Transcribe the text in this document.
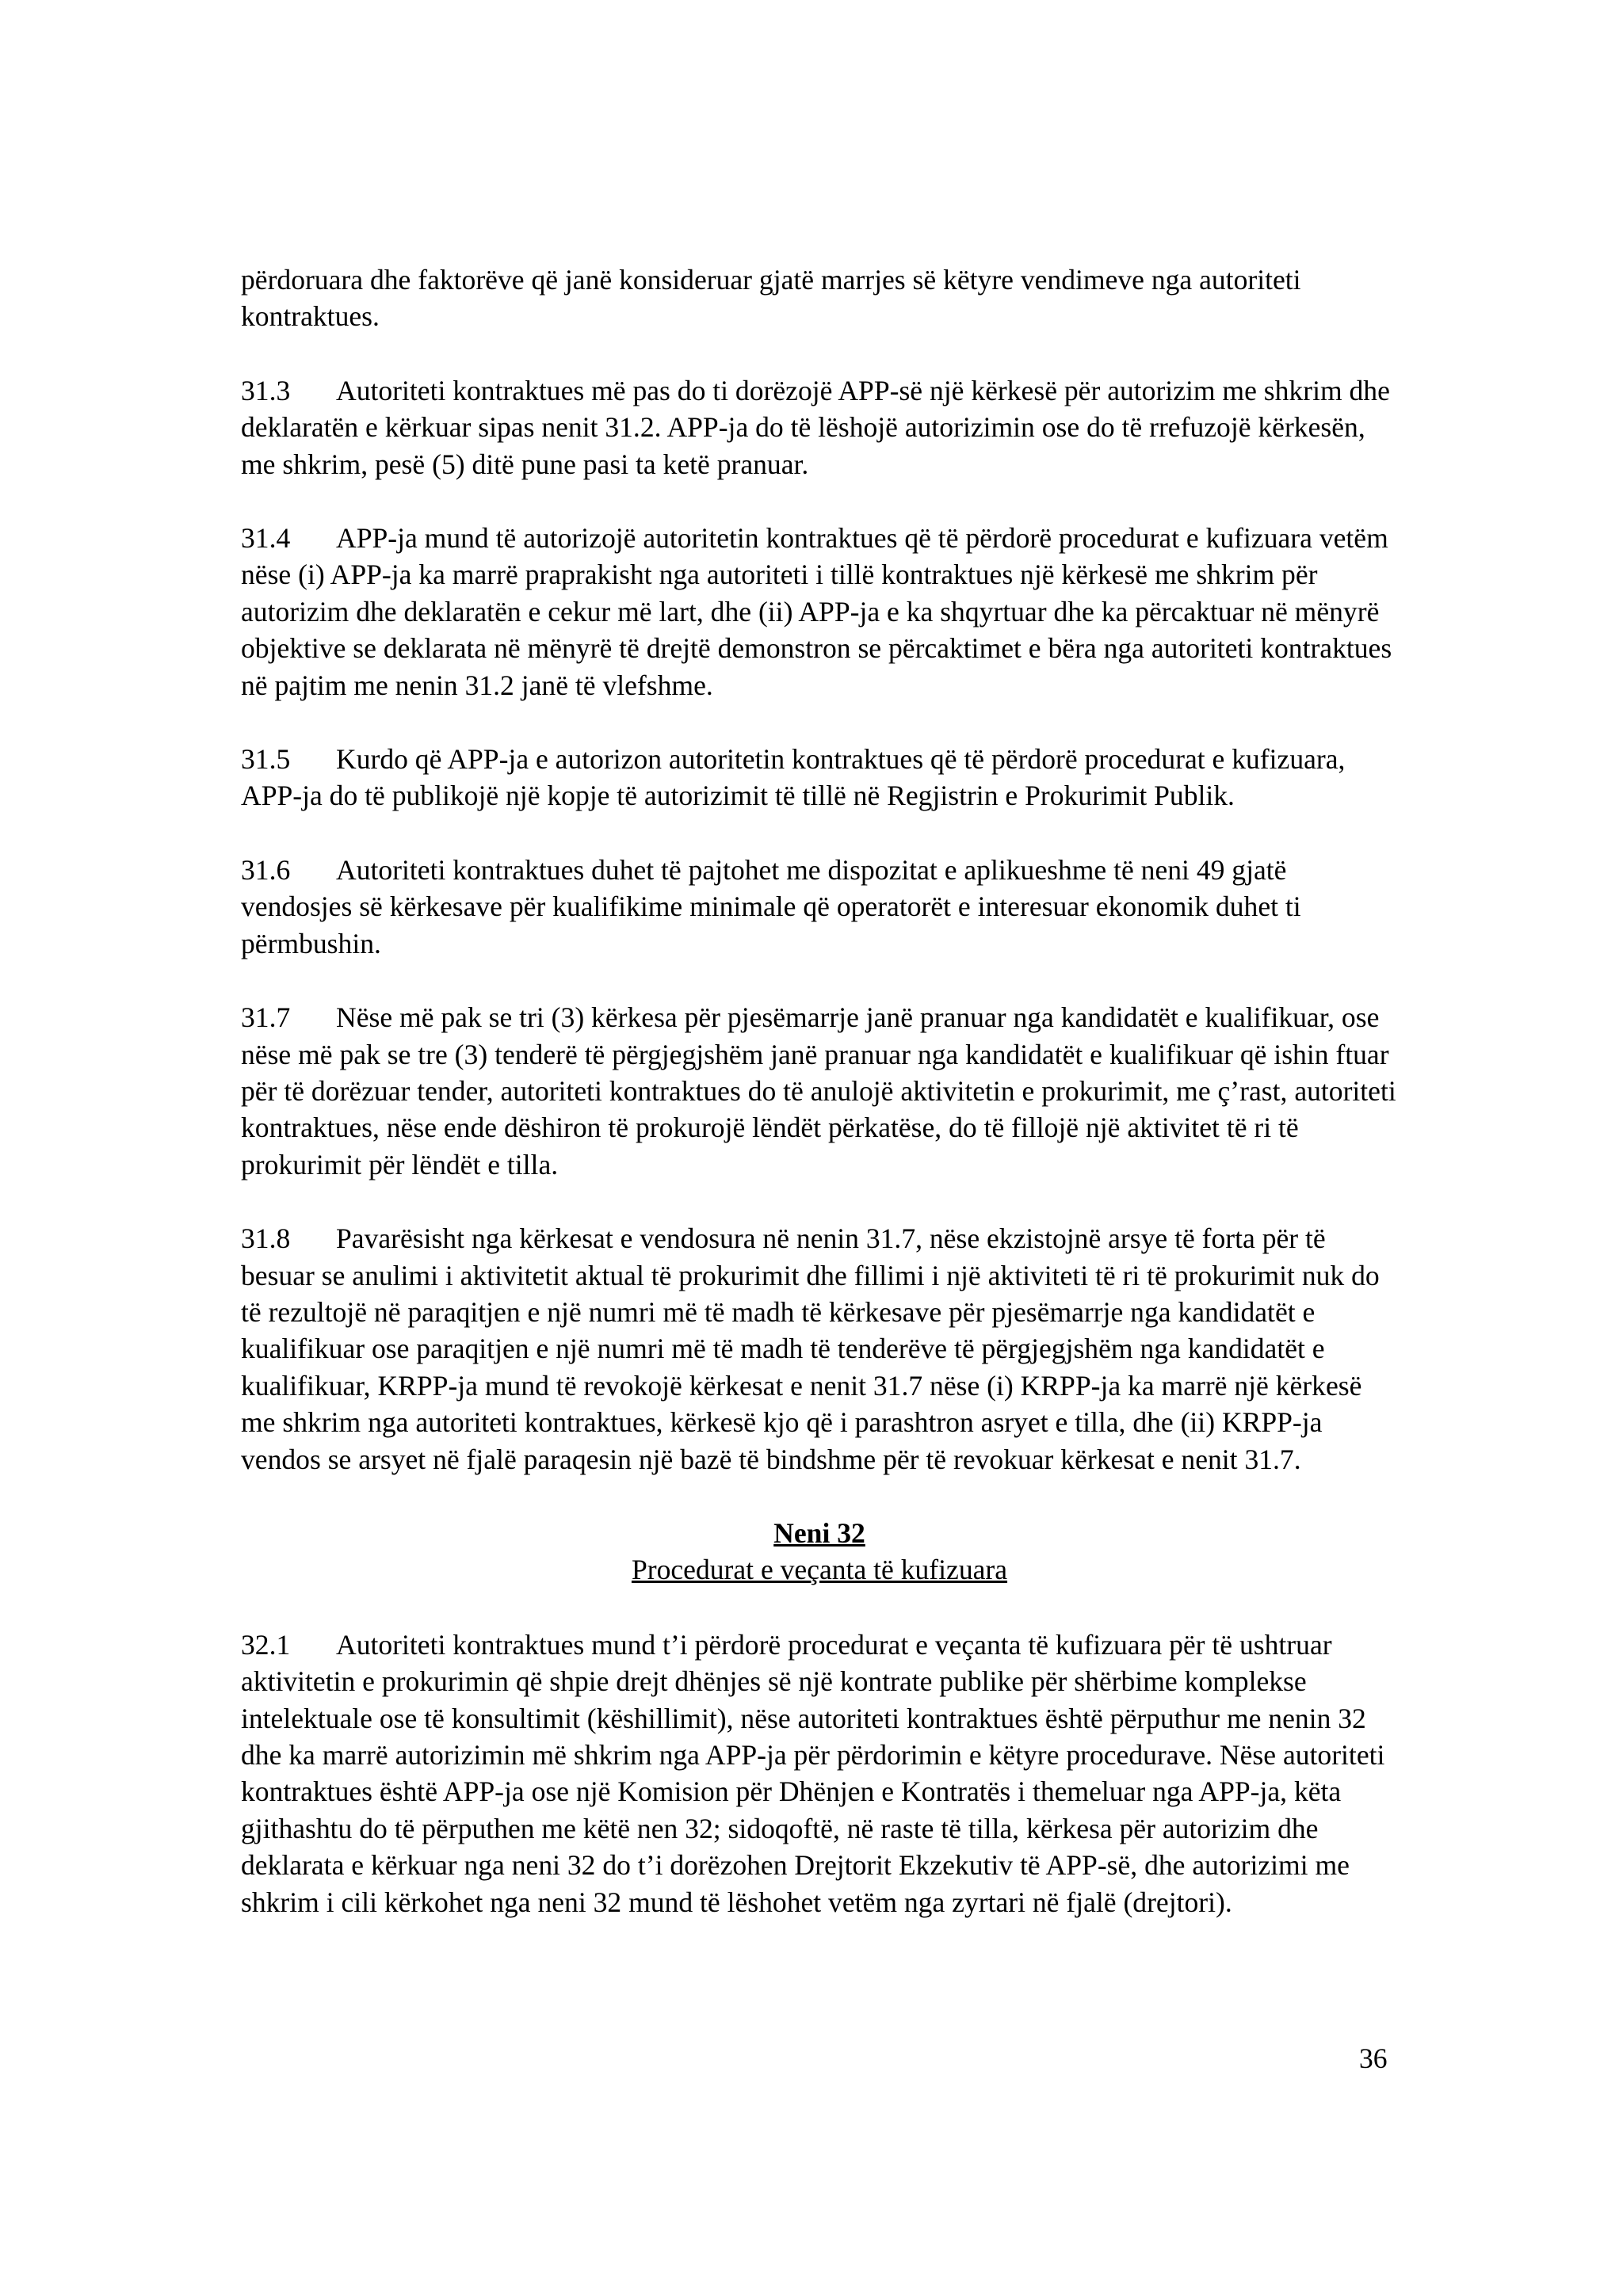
përdoruara dhe faktorëve që janë konsideruar gjatë marrjes së këtyre vendimeve nga autoriteti kontraktues.

31.3 Autoriteti kontraktues më pas do ti dorëzojë APP-së një kërkesë për autorizim me shkrim dhe deklaratën e kërkuar sipas nenit 31.2. APP-ja do të lëshojë autorizimin ose do të rrefuzojë kërkesën, me shkrim, pesë (5) ditë pune pasi ta ketë pranuar.

31.4 APP-ja mund të autorizojë autoritetin kontraktues që të përdorë procedurat e kufizuara vetëm nëse (i) APP-ja ka marrë praprakisht nga autoriteti i tillë kontraktues një kërkesë me shkrim për autorizim dhe deklaratën e cekur më lart, dhe (ii) APP-ja e ka shqyrtuar dhe ka përcaktuar në mënyrë objektive se deklarata në mënyrë të drejtë demonstron se përcaktimet e bëra nga autoriteti kontraktues në pajtim me nenin 31.2 janë të vlefshme.

31.5 Kurdo që APP-ja e autorizon autoritetin kontraktues që të përdorë procedurat e kufizuara, APP-ja do të publikojë një kopje të autorizimit të tillë në Regjistrin e Prokurimit Publik.

31.6 Autoriteti kontraktues duhet të pajtohet me dispozitat e aplikueshme të neni 49 gjatë vendosjes së kërkesave për kualifikime minimale që operatorët e interesuar ekonomik duhet ti përmbushin.

31.7 Nëse më pak se tri (3) kërkesa për pjesëmarrje janë pranuar nga kandidatët e kualifikuar, ose nëse më pak se tre (3) tenderë të përgjegjshëm janë pranuar nga kandidatët e kualifikuar që ishin ftuar për të dorëzuar tender, autoriteti kontraktues do të anulojë aktivitetin e prokurimit, me ç’rast, autoriteti kontraktues, nëse ende dëshiron të prokurojë lëndët përkatëse, do të fillojë një aktivitet të ri të prokurimit për lëndët e tilla.

31.8 Pavarësisht nga kërkesat e vendosura në nenin 31.7, nëse ekzistojnë arsye të forta për të besuar se anulimi i aktivitetit aktual të prokurimit dhe fillimi i një aktiviteti të ri të prokurimit nuk do të rezultojë në paraqitjen e një numri më të madh të kërkesave për pjesëmarrje nga kandidatët e kualifikuar ose paraqitjen e një numri më të madh të tenderëve të përgjegjshëm nga kandidatët e kualifikuar, KRPP-ja mund të revokojë kërkesat e nenit 31.7 nëse (i) KRPP-ja ka marrë një kërkesë me shkrim nga autoriteti kontraktues, kërkesë kjo që i parashtron asryet e tilla, dhe (ii) KRPP-ja vendos se arsyet në fjalë paraqesin një bazë të bindshme për të revokuar kërkesat e nenit 31.7.

Neni 32
Procedurat e veçanta të kufizuara

32.1 Autoriteti kontraktues mund t’i përdorë procedurat e veçanta të kufizuara për të ushtruar aktivitetin e prokurimin që shpie drejt dhënjes së një kontrate publike për shërbime komplekse intelektuale ose të konsultimit (këshillimit), nëse autoriteti kontraktues është përputhur me nenin 32 dhe ka marrë autorizimin më shkrim nga APP-ja për përdorimin e këtyre procedurave. Nëse autoriteti kontraktues është APP-ja ose një Komision për Dhënjen e Kontratës i themeluar nga APP-ja, këta gjithashtu do të përputhen me këtë nen 32; sidoqoftë, në raste të tilla, kërkesa për autorizim dhe deklarata e kërkuar nga neni 32 do t’i dorëzohen Drejtorit Ekzekutiv të APP-së, dhe autorizimi me shkrim i cili kërkohet nga neni 32 mund të lëshohet vetëm nga zyrtari në fjalë (drejtori).

36
